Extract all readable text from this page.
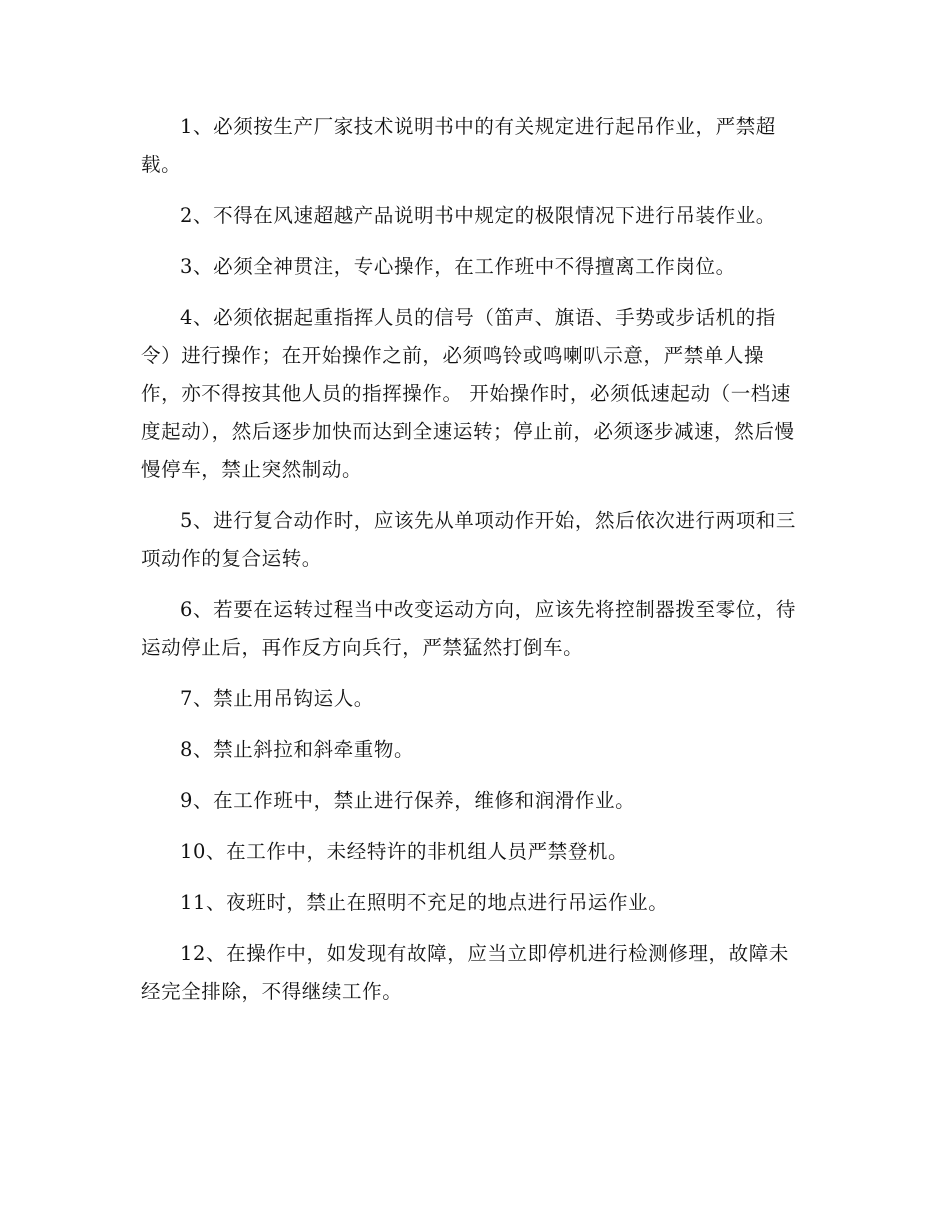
1、必须按生产厂家技术说明书中的有关规定进行起吊作业，严禁超载。

2、不得在风速超越产品说明书中规定的极限情况下进行吊装作业。

3、必须全神贯注，专心操作，在工作班中不得擅离工作岗位。

4、必须依据起重指挥人员的信号（笛声、旗语、手势或步话机的指令）进行操作；在开始操作之前，必须鸣铃或鸣喇叭示意，严禁单人操作，亦不得按其他人员的指挥操作。 开始操作时，必须低速起动（一档速度起动），然后逐步加快而达到全速运转；停止前，必须逐步减速，然后慢慢停车，禁止突然制动。

5、进行复合动作时，应该先从单项动作开始，然后依次进行两项和三项动作的复合运转。

6、若要在运转过程当中改变运动方向，应该先将控制器拨至零位，待运动停止后，再作反方向兵行，严禁猛然打倒车。

7、禁止用吊钩运人。

8、禁止斜拉和斜牵重物。

9、在工作班中，禁止进行保养，维修和润滑作业。

10、在工作中，未经特许的非机组人员严禁登机。

11、夜班时，禁止在照明不充足的地点进行吊运作业。

12、在操作中，如发现有故障，应当立即停机进行检测修理，故障未经完全排除，不得继续工作。
